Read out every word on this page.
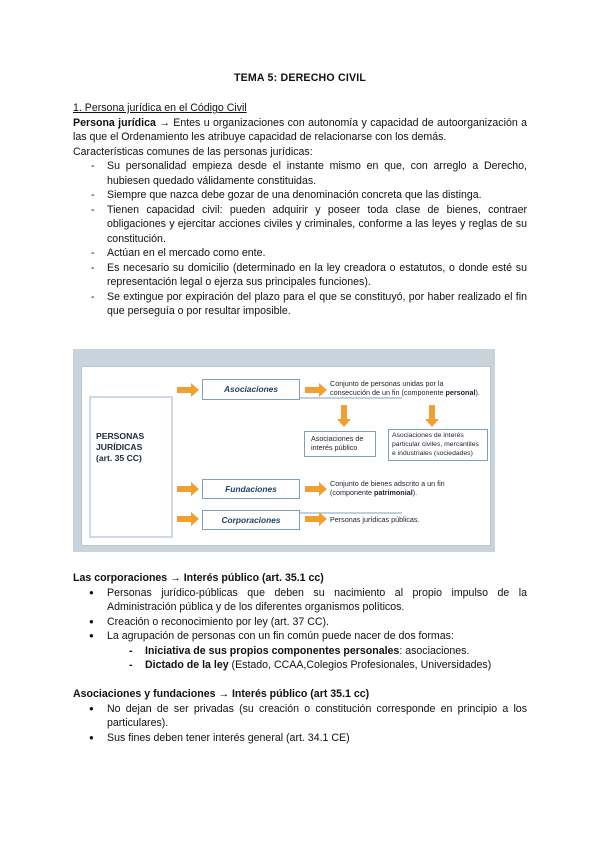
TEMA 5: DERECHO CIVIL
1. Persona jurídica en el Código Civil
Persona jurídica → Entes u organizaciones con autonomía y capacidad de autoorganización a las que el Ordenamiento les atribuye capacidad de relacionarse con los demás.
Características comunes de las personas jurídicas:
- Su personalidad empieza desde el instante mismo en que, con arreglo a Derecho, hubiesen quedado válidamente constituidas.
- Siempre que nazca debe gozar de una denominación concreta que las distinga.
- Tienen capacidad civil: pueden adquirir y poseer toda clase de bienes, contraer obligaciones y ejercitar acciones civiles y criminales, conforme a las leyes y reglas de su constitución.
- Actúan en el mercado como ente.
- Es necesario su domicilio (determinado en la ley creadora o estatutos, o donde esté su representación legal o ejerza sus principales funciones).
- Se extingue por expiración del plazo para el que se constituyó, por haber realizado el fin que perseguía o por resultar imposible.
PERSONAS
JURÍDICAS
(art. 35 CC)
Asociaciones
Conjunto de personas unidas por la
consecución de un fin (componente personal).
Asociaciones de
interés público
Asociaciones de interés
particular civiles, mercantiles
e industriales (sociedades)
Fundaciones
Conjunto de bienes adscrito a un fin
(componente patrimonial).
Corporaciones	Personas jurídicas públicas.
Las corporaciones → Interés público (art. 35.1 cc)
● Personas jurídico-públicas que deben su nacimiento al propio impulso de la Administración pública y de los diferentes organismos políticos.
● Creación o reconocimiento por ley (art. 37 CC).
● La agrupación de personas con un fin común puede nacer de dos formas:
- Iniciativa de sus propios componentes personales: asociaciones.
- Dictado de la ley (Estado, CCAA,Colegios Profesionales, Universidades)
Asociaciones y fundaciones → Interés público (art 35.1 cc)
● No dejan de ser privadas (su creación o constitución corresponde en principio a los particulares).
● Sus fines deben tener interés general (art. 34.1 CE)
